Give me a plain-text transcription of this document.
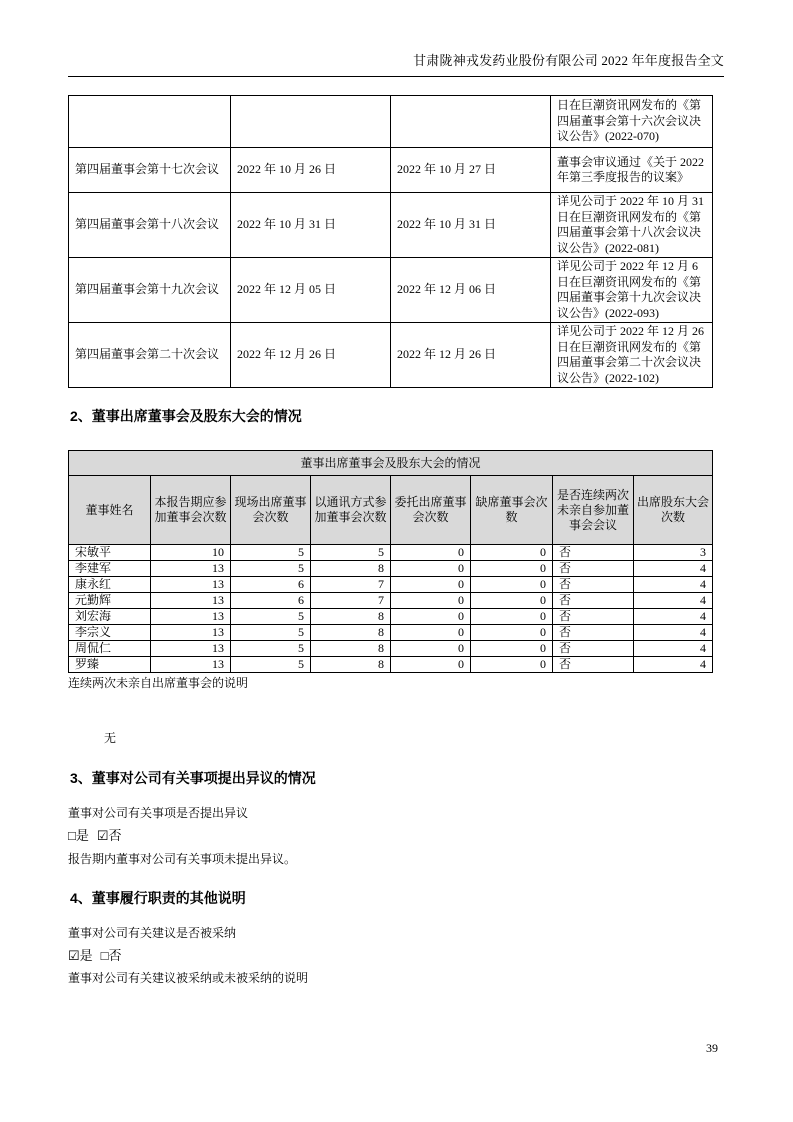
甘肃陇神戎发药业股份有限公司 2022 年年度报告全文
			日在巨潮资讯网发布的《第四届董事会第十六次会议决议公告》(2022-070)
第四届董事会第十七次会议	2022 年 10 月 26 日	2022 年 10 月 27 日	董事会审议通过《关于 2022 年第三季度报告的议案》
第四届董事会第十八次会议	2022 年 10 月 31 日	2022 年 10 月 31 日	详见公司于 2022 年 10 月 31 日在巨潮资讯网发布的《第四届董事会第十八次会议决议公告》(2022-081)
第四届董事会第十九次会议	2022 年 12 月 05 日	2022 年 12 月 06 日	详见公司于 2022 年 12 月 6 日在巨潮资讯网发布的《第四届董事会第十九次会议决议公告》(2022-093)
第四届董事会第二十次会议	2022 年 12 月 26 日	2022 年 12 月 26 日	详见公司于 2022 年 12 月 26 日在巨潮资讯网发布的《第四届董事会第二十次会议决议公告》(2022-102)
2、董事出席董事会及股东大会的情况
董事出席董事会及股东大会的情况							
董事姓名	本报告期应参加董事会次数	现场出席董事会次数	以通讯方式参加董事会次数	委托出席董事会次数	缺席董事会次数	是否连续两次未亲自参加董事会会议	出席股东大会次数
宋敏平	10	5	5	0	0	否	3
李建军	13	5	8	0	0	否	4
康永红	13	6	7	0	0	否	4
元勤辉	13	6	7	0	0	否	4
刘宏海	13	5	8	0	0	否	4
李宗义	13	5	8	0	0	否	4
周侃仁	13	5	8	0	0	否	4
罗臻	13	5	8	0	0	否	4
连续两次未亲自出席董事会的说明
无
3、董事对公司有关事项提出异议的情况
董事对公司有关事项是否提出异议
□是 ☑否
报告期内董事对公司有关事项未提出异议。
4、董事履行职责的其他说明
董事对公司有关建议是否被采纳
☑是 □否
董事对公司有关建议被采纳或未被采纳的说明
39
